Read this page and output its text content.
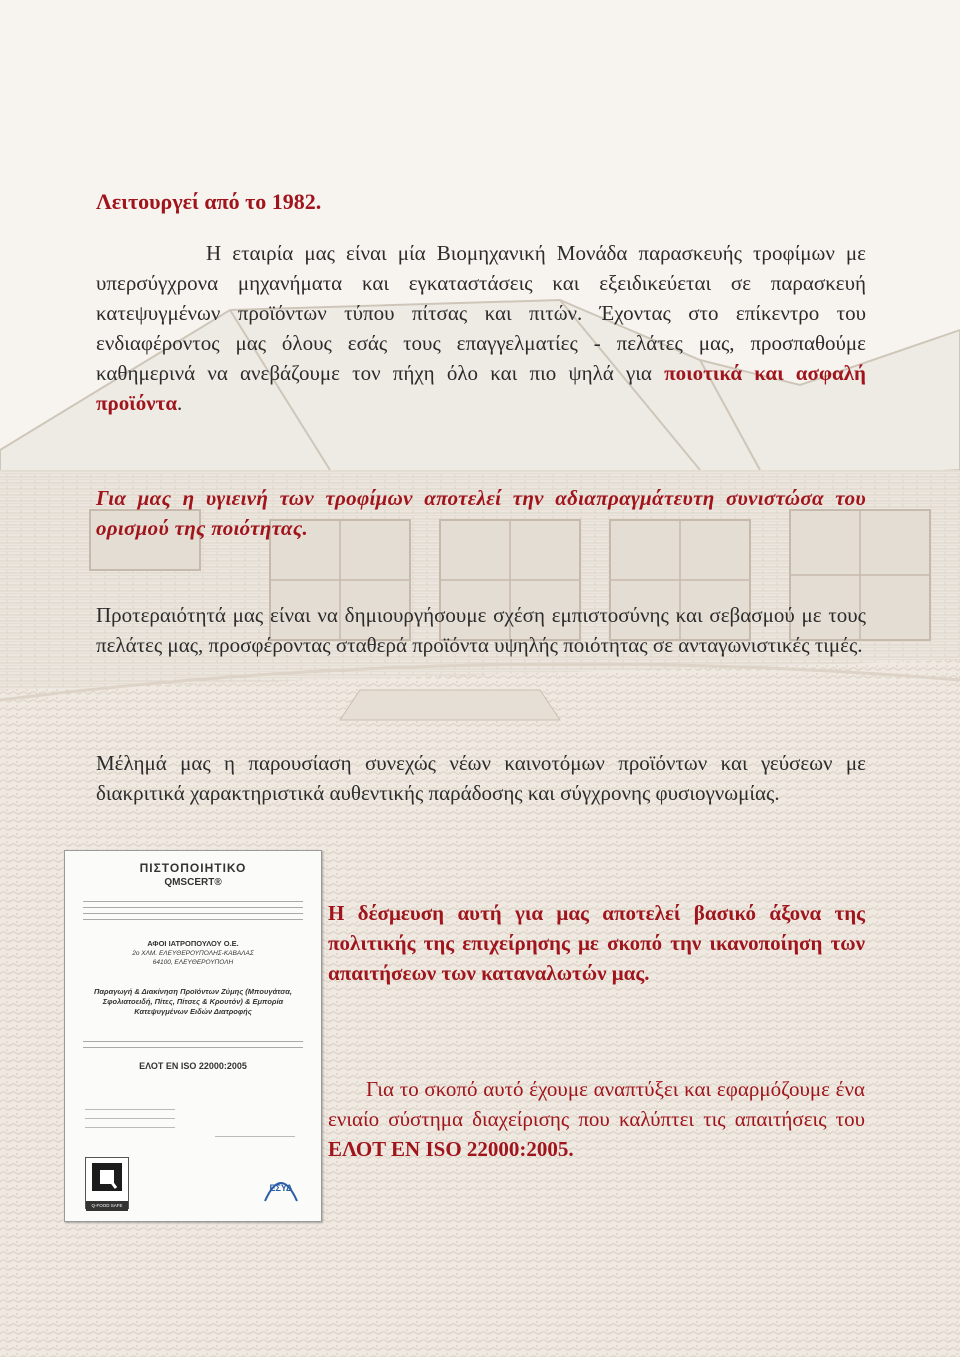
Λειτουργεί από το 1982.

Η εταιρία μας είναι μία Βιομηχανική Μονάδα παρασκευής τροφίμων με υπερσύγχρονα μηχανήματα και εγκαταστάσεις και εξειδικεύεται σε παρασκευή κατεψυγμένων προϊόντων τύπου πίτσας και πιτών. Έχοντας στο επίκεντρο του ενδιαφέροντος μας όλους εσάς τους επαγγελματίες - πελάτες μας, προσπαθούμε καθημερινά να ανεβάζουμε τον πήχη όλο και πιο ψηλά για ποιοτικά και ασφαλή προϊόντα.

Για μας η υγιεινή των τροφίμων αποτελεί την αδιαπραγμάτευτη συνιστώσα του ορισμού της ποιότητας.

Προτεραιότητά μας είναι να δημιουργήσουμε σχέση εμπιστοσύνης και σεβασμού με τους πελάτες μας, προσφέροντας σταθερά προϊόντα υψηλής ποιότητας σε ανταγωνιστικές τιμές.

Μέλημά μας η παρουσίαση συνεχώς νέων καινοτόμων προϊόντων και γεύσεων με διακριτικά χαρακτηριστικά αυθεντικής παράδοσης και σύγχρονης φυσιογνωμίας.

ΠΙΣΤΟΠΟΙΗΤΙΚΟ
QMSCERT®
ΑΦΟΙ ΙΑΤΡΟΠΟΥΛΟΥ Ο.Ε.
2ο ΧΛΜ. ΕΛΕΥΘΕΡΟΥΠΟΛΗΣ-ΚΑΒΑΛΑΣ
64100, ΕΛΕΥΘΕΡΟΥΠΟΛΗ
Παραγωγή & Διακίνηση Προϊόντων Ζύμης (Μπουγάτσα, Σφολιατοειδή, Πίτες, Πίτσες & Κρουτόν) & Εμπορία Κατεψυγμένων Ειδών Διατροφής
ΕΛΟΤ ΕΝ ISO 22000:2005
Q-FOOD SAFE
ΕΣΥΔ

Η δέσμευση αυτή για μας αποτελεί βασικό άξονα της πολιτικής της επιχείρησης με σκοπό την ικανοποίηση των απαιτήσεων των καταναλωτών μας.

Για το σκοπό αυτό έχουμε αναπτύξει και εφαρμόζουμε ένα ενιαίο σύστημα διαχείρισης που καλύπτει τις απαιτήσεις του ΕΛΟΤ ΕΝ ISO 22000:2005.
